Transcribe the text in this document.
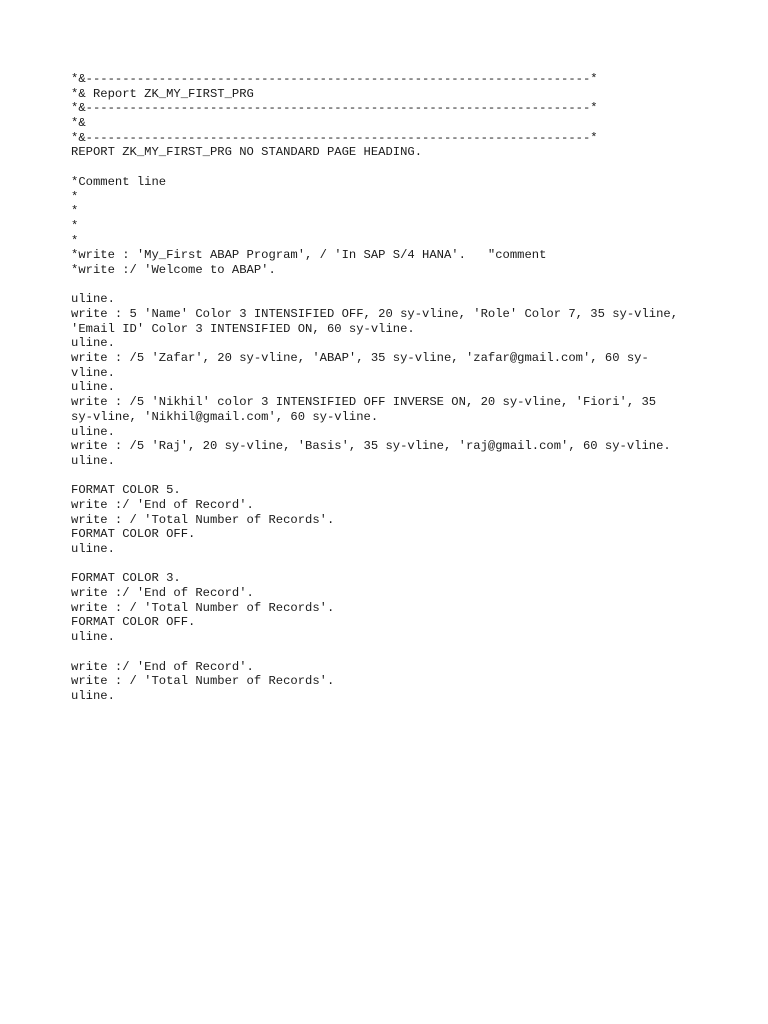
*&---------------------------------------------------------------------*
*& Report ZK_MY_FIRST_PRG
*&---------------------------------------------------------------------*
*&
*&---------------------------------------------------------------------*
REPORT ZK_MY_FIRST_PRG NO STANDARD PAGE HEADING.
*Comment line
*
*
*
*
*write : 'My_First ABAP Program', / 'In SAP S/4 HANA'.   "comment
*write :/ 'Welcome to ABAP'.
uline.
write : 5 'Name' Color 3 INTENSIFIED OFF, 20 sy-vline, 'Role' Color 7, 35 sy-vline,
'Email ID' Color 3 INTENSIFIED ON, 60 sy-vline.
uline.
write : /5 'Zafar', 20 sy-vline, 'ABAP', 35 sy-vline, 'zafar@gmail.com', 60 sy-
vline.
uline.
write : /5 'Nikhil' color 3 INTENSIFIED OFF INVERSE ON, 20 sy-vline, 'Fiori', 35
sy-vline, 'Nikhil@gmail.com', 60 sy-vline.
uline.
write : /5 'Raj', 20 sy-vline, 'Basis', 35 sy-vline, 'raj@gmail.com', 60 sy-vline.
uline.
FORMAT COLOR 5.
write :/ 'End of Record'.
write : / 'Total Number of Records'.
FORMAT COLOR OFF.
uline.
FORMAT COLOR 3.
write :/ 'End of Record'.
write : / 'Total Number of Records'.
FORMAT COLOR OFF.
uline.
write :/ 'End of Record'.
write : / 'Total Number of Records'.
uline.
